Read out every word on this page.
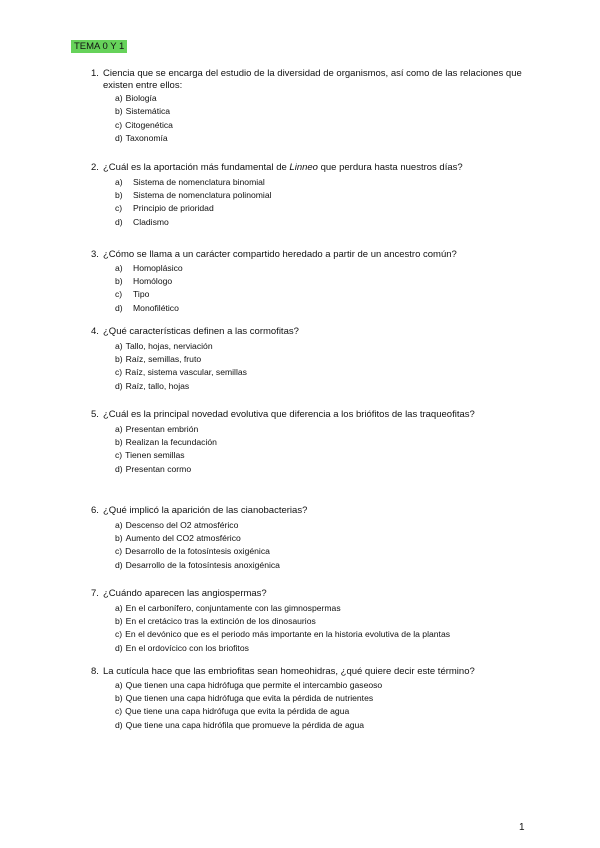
TEMA 0 Y 1
1. Ciencia que se encarga del estudio de la diversidad de organismos, así como de las relaciones que existen entre ellos:
a) Biología
b) Sistemática
c) Citogenética
d) Taxonomía
2. ¿Cuál es la aportación más fundamental de Linneo que perdura hasta nuestros días?
a)	Sistema de nomenclatura binomial
b)	Sistema de nomenclatura polinomial
c)	Principio de prioridad
d)	Cladismo
3. ¿Cómo se llama a un carácter compartido heredado a partir de un ancestro común?
a)	Homoplásico
b)	Homólogo
c)	Tipo
d)	Monofilético
4. ¿Qué características definen a las cormofitas?
a) Tallo, hojas, nerviación
b) Raíz, semillas, fruto
c) Raíz, sistema vascular, semillas
d) Raíz, tallo, hojas
5. ¿Cuál es la principal novedad evolutiva que diferencia a los briófitos de las traqueofitas?
a) Presentan embrión
b) Realizan la fecundación
c) Tienen semillas
d) Presentan cormo
6. ¿Qué implicó la aparición de las cianobacterias?
a) Descenso del O2 atmosférico
b) Aumento del CO2 atmosférico
c) Desarrollo de la fotosíntesis oxigénica
d) Desarrollo de la fotosíntesis anoxigénica
7. ¿Cuándo aparecen las angiospermas?
a) En el carbonífero, conjuntamente con las gimnospermas
b) En el cretácico tras la extinción de los dinosaurios
c) En el devónico que es el periodo más importante en la historia evolutiva de la plantas
d) En el ordovícico con los briofitos
8. La cutícula hace que las embriofitas sean homeohidras, ¿qué quiere decir este término?
a) Que tienen una capa hidrófuga que permite el intercambio gaseoso
b) Que tienen una capa hidrófuga que evita la pérdida de nutrientes
c) Que tiene una capa hidrófuga que evita la pérdida de agua
d) Que tiene una capa hidrófila que promueve la pérdida de agua
1
